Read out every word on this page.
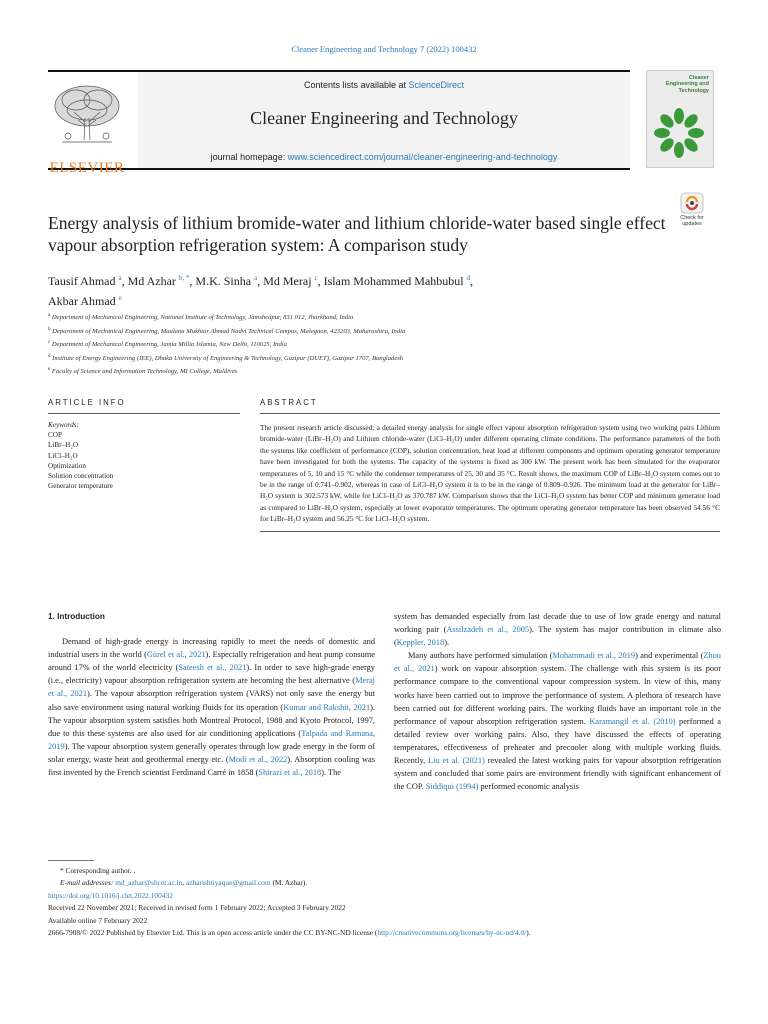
Cleaner Engineering and Technology 7 (2022) 100432
ELSEVIER
Contents lists available at ScienceDirect
Cleaner Engineering and Technology
journal homepage: www.sciencedirect.com/journal/cleaner-engineering-and-technology
Cleaner Engineering and Technology
Check for updates
Energy analysis of lithium bromide-water and lithium chloride-water based single effect vapour absorption refrigeration system: A comparison study
Tausif Ahmad $^a$, Md Azhar $^{b, *}$, M.K. Sinha $^a$, Md Meraj $^c$, Islam Mohammed Mahbubul $^d$,
Akbar Ahmad $^e$
$^a$ Department of Mechanical Engineering, National Institute of Technology, Jamshedpur, 831 012, Jharkhand, India
$^b$ Department of Mechanical Engineering, Maulana Mukhtar Ahmad Nadvi Technical Campus, Malegaon, 423203, Maharashtra, India
$^c$ Department of Mechanical Engineering, Jamia Millia Islamia, New Delhi, 110025, India
$^d$ Institute of Energy Engineering (IEE), Dhaka University of Engineering & Technology, Gazipur (DUET), Gazipur 1707, Bangladesh
$^e$ Faculty of Science and Information Technology, MI College, Maldives
ARTICLE INFO
Keywords:
COP
LiBr–H₂O
LiCl–H₂O
Optimization
Solution concentration
Generator temperature
ABSTRACT
The present research article discussed; a detailed energy analysis for single effect vapour absorption refrigeration system using two working pairs Lithium bromide-water (LiBr–H₂O) and Lithium chloride-water (LiCl–H₂O) under different operating climate conditions. The performance parameters of the both the systems like coefficient of performance (COP), solution concentration, heat load at different components and optimum operating generator temperature have been investigated for both the systems. The capacity of the systems is fixed as 300 kW. The present work has been simulated for the evaporator temperatures of 5, 10 and 15 °C while the condenser temperatures of 25, 30 and 35 °C. Result shows, the maximum COP of LiBr–H₂O system comes out to be in the range of 0.741–0.902, whereas in case of LiCl–H₂O system it is to be in the range of 0.809–0.926. The minimum load at the generator for LiBr–H₂O system is 302.573 kW, while for LiCl–H₂O as 370.787 kW. Comparison shows that the LiCl–H₂O system has better COP and minimum generator load as compared to LiBr–H₂O system, especially at lower evaporator temperatures. The optimum operating generator temperature has been observed 54.56 °C for LiBr–H₂O system and 56.25 °C for LiCl–H₂O system.
1. Introduction

Demand of high-grade energy is increasing rapidly to meet the needs of domestic and industrial users in the world (Gürel et al., 2021). Especially refrigeration and heat pump consume around 17% of the world electricity (Sateesh et al., 2021). In order to save high-grade energy (i.e., electricity) vapour absorption refrigeration system are becoming the best alternative (Meraj et al., 2021). The vapour absorption refrigeration system (VARS) not only save the energy but also save environment using natural working fluids for its operation (Kumar and Rakshit, 2021). The vapour absorption system satisfies both Montreal Protocol, 1988 and Kyoto Protocol, 1997, due to this these systems are also used for air conditioning applications (Talpada and Ramana, 2019). The vapour absorption system generally operates through low grade energy in the form of solar energy, waste heat and geothermal energy etc. (Modi et al., 2022). Absorption cooling was first invented by the French scientist Ferdinand Carré in 1858 (Shirazi et al., 2018). The

system has demanded especially from last decade due to use of low grade energy and natural working pair (Assilzadeh et al., 2005). The system has major contribution in climate also (Keppler, 2018).

Many authors have performed simulation (Mohammadi et al., 2019) and experimental (Zhou et al., 2021) work on vapour absorption system. The challenge with this system is its poor performance compare to the conventional vapour compression system. In view of this, many works have been carried out to improve the performance of system. A plethora of research have been carried out for different working pairs. The working fluids have an important role in the performance of vapour absorption refrigeration system. Karamangil et al. (2010) performed a detailed review over working pairs. Also, they have discussed the effects of operating temperatures, effectiveness of preheater and precooler along with multiple working fluids. Recently, Liu et al. (2021) revealed the latest working pairs for vapour absorption refrigeration system and concluded that some pairs are environment friendly with significant enhancement of the COP. Siddiqui (1994) performed economic analysis

* Corresponding author. .
E-mail addresses: md_azhar@shcet.ac.in, azharishtiyaque@gmail.com (M. Azhar).
https://doi.org/10.1016/j.clet.2022.100432
Received 22 November 2021; Received in revised form 1 February 2022; Accepted 3 February 2022
Available online 7 February 2022
2666-7908/© 2022 Published by Elsevier Ltd. This is an open access article under the CC BY-NC-ND license (http://creativecommons.org/licenses/by-nc-nd/4.0/).
